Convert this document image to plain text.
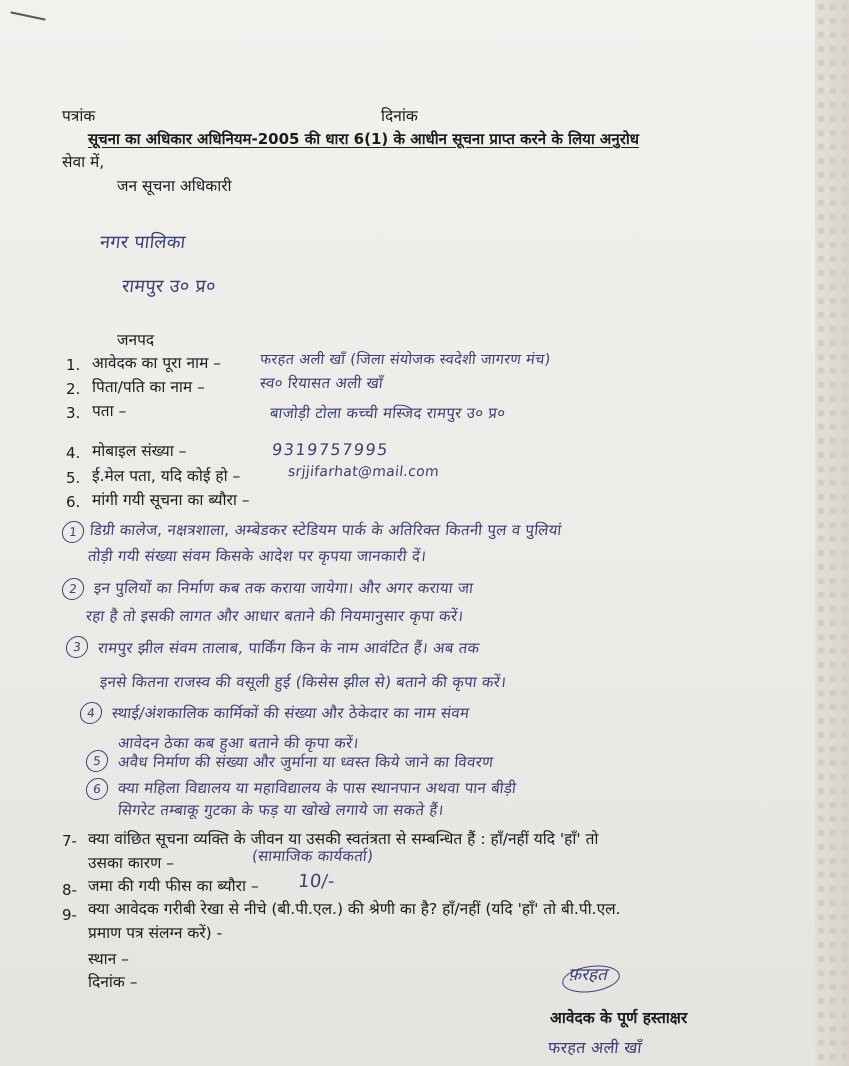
पत्रांक	दिनांक
सूचना का अधिकार अधिनियम-2005 की धारा 6(1) के आधीन सूचना प्राप्त करने के लिया अनुरोध
सेवा में,
जन सूचना अधिकारी
नगर पालिका
रामपुर उ० प्र०
जनपद
1. आवेदक का पूरा नाम –	फरहत अली खाँ (जिला संयोजक स्वदेशी जागरण मंच)
2. पिता/पति का नाम –	स्व० रियासत अली खाँ
3. पता –	बाजोड़ी टोला कच्ची मस्जिद रामपुर उ० प्र०
4. मोबाइल संख्या –	9319757995
5. ई.मेल पता, यदि कोई हो –	srjjifarhat@mail.com
6. मांगी गयी सूचना का ब्यौरा –
1 डिग्री कालेज, नक्षत्रशाला, अम्बेडकर स्टेडियम पार्क के अतिरिक्त कितनी पुल व पुलियां
तोड़ी गयी संख्या संवम किसके आदेश पर कृपया जानकारी दें।
2	इन पुलियों का निर्माण कब तक कराया जायेगा। और अगर कराया जा
रहा है तो इसकी लागत और आधार बताने की नियमानुसार कृपा करें।
3	रामपुर झील संवम तालाब, पार्किंग किन के नाम आवंटित हैं। अब तक
इनसे कितना राजस्व की वसूली हुई (किसेस झील से) बताने की कृपा करें।
4	स्थाई/अंशकालिक कार्मिकों की संख्या और ठेकेदार का नाम संवम
आवेदन ठेका कब हुआ बताने की कृपा करें।
5	अवैध निर्माण की संख्या और जुर्माना या ध्वस्त किये जाने का विवरण
6	क्या महिला विद्यालय या महाविद्यालय के पास स्थानपान अथवा पान बीड़ी
सिगरेट तम्बाकू गुटका के फड़ या खोखे लगाये जा सकते हैं।
7- क्या वांछित सूचना व्यक्ति के जीवन या उसकी स्वतंत्रता से सम्बन्धित हैं : हाँ/नहीं यदि 'हाँ' तो
उसका कारण –	(सामाजिक कार्यकर्ता)
8- जमा की गयी फीस का ब्यौरा – 10/-
9- क्या आवेदक गरीबी रेखा से नीचे (बी.पी.एल.) की श्रेणी का है? हाँ/नहीं (यदि 'हाँ' तो बी.पी.एल.
प्रमाण पत्र संलग्न करें) -
स्थान –
दिनांक –	फ़रहत
आवेदक के पूर्ण हस्ताक्षर
फरहत अली खाँ
